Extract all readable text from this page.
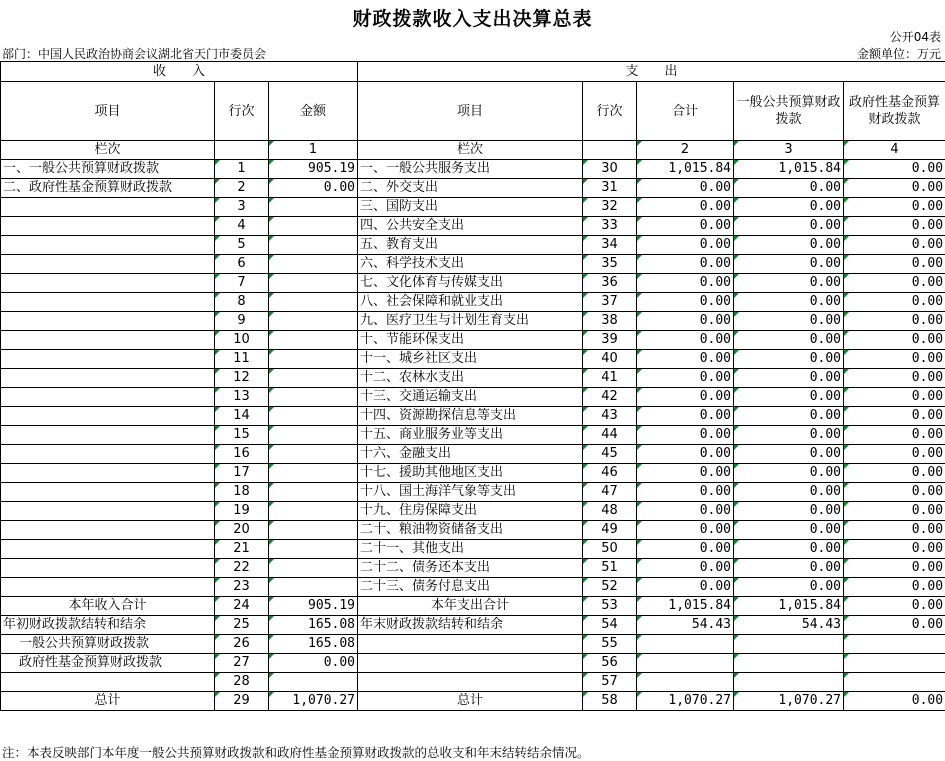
财政拨款收入支出决算总表
公开04表
部门：中国人民政治协商会议湖北省天门市委员会	金额单位：万元
收　　入			支　　出				
项目	行次	金额	项目	行次	合计	一般公共预算财政拨款	政府性基金预算财政拨款
栏次		1	栏次		2	3	4
一、一般公共预算财政拨款	1	905.19	一、一般公共服务支出	30	1,015.84	1,015.84	0.00
二、政府性基金预算财政拨款	2	0.00	二、外交支出	31	0.00	0.00	0.00
	3		三、国防支出	32	0.00	0.00	0.00
	4		四、公共安全支出	33	0.00	0.00	0.00
	5		五、教育支出	34	0.00	0.00	0.00
	6		六、科学技术支出	35	0.00	0.00	0.00
	7		七、文化体育与传媒支出	36	0.00	0.00	0.00
	8		八、社会保障和就业支出	37	0.00	0.00	0.00
	9		九、医疗卫生与计划生育支出	38	0.00	0.00	0.00
	10		十、节能环保支出	39	0.00	0.00	0.00
	11		十一、城乡社区支出	40	0.00	0.00	0.00
	12		十二、农林水支出	41	0.00	0.00	0.00
	13		十三、交通运输支出	42	0.00	0.00	0.00
	14		十四、资源勘探信息等支出	43	0.00	0.00	0.00
	15		十五、商业服务业等支出	44	0.00	0.00	0.00
	16		十六、金融支出	45	0.00	0.00	0.00
	17		十七、援助其他地区支出	46	0.00	0.00	0.00
	18		十八、国土海洋气象等支出	47	0.00	0.00	0.00
	19		十九、住房保障支出	48	0.00	0.00	0.00
	20		二十、粮油物资储备支出	49	0.00	0.00	0.00
	21		二十一、其他支出	50	0.00	0.00	0.00
	22		二十二、债务还本支出	51	0.00	0.00	0.00
	23		二十三、债务付息支出	52	0.00	0.00	0.00
本年收入合计	24	905.19	本年支出合计	53	1,015.84	1,015.84	0.00
年初财政拨款结转和结余	25	165.08	年末财政拨款结转和结余	54	54.43	54.43	0.00
一般公共预算财政拨款	26	165.08		55			
政府性基金预算财政拨款	27	0.00		56			
	28			57			
总计	29	1,070.27	总计	58	1,070.27	1,070.27	0.00
注：本表反映部门本年度一般公共预算财政拨款和政府性基金预算财政拨款的总收支和年末结转结余情况。
